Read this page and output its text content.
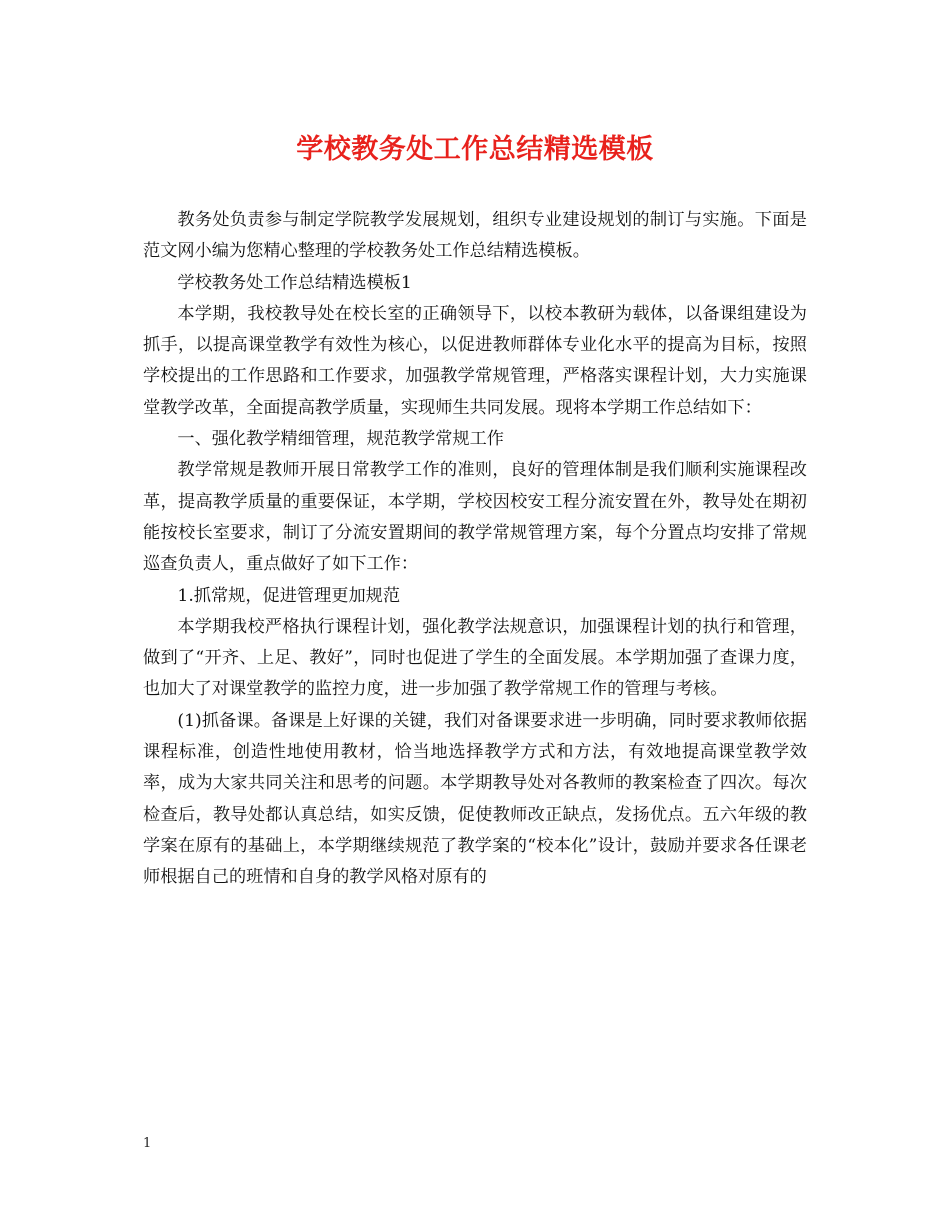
学校教务处工作总结精选模板

教务处负责参与制定学院教学发展规划，组织专业建设规划的制订与实施。下面是范文网小编为您精心整理的学校教务处工作总结精选模板。

学校教务处工作总结精选模板1

本学期，我校教导处在校长室的正确领导下，以校本教研为载体，以备课组建设为抓手，以提高课堂教学有效性为核心，以促进教师群体专业化水平的提高为目标，按照学校提出的工作思路和工作要求，加强教学常规管理，严格落实课程计划，大力实施课堂教学改革，全面提高教学质量，实现师生共同发展。现将本学期工作总结如下：

一、强化教学精细管理，规范教学常规工作

教学常规是教师开展日常教学工作的准则，良好的管理体制是我们顺利实施课程改革，提高教学质量的重要保证，本学期，学校因校安工程分流安置在外，教导处在期初能按校长室要求，制订了分流安置期间的教学常规管理方案，每个分置点均安排了常规巡查负责人，重点做好了如下工作：

1.抓常规，促进管理更加规范

本学期我校严格执行课程计划，强化教学法规意识，加强课程计划的执行和管理，做到了“开齐、上足、教好”，同时也促进了学生的全面发展。本学期加强了查课力度，也加大了对课堂教学的监控力度，进一步加强了教学常规工作的管理与考核。

(1)抓备课。备课是上好课的关键，我们对备课要求进一步明确，同时要求教师依据课程标准，创造性地使用教材，恰当地选择教学方式和方法，有效地提高课堂教学效率，成为大家共同关注和思考的问题。本学期教导处对各教师的教案检查了四次。每次检查后，教导处都认真总结，如实反馈，促使教师改正缺点，发扬优点。五六年级的教学案在原有的基础上，本学期继续规范了教学案的“校本化”设计，鼓励并要求各任课老师根据自己的班情和自身的教学风格对原有的

1
